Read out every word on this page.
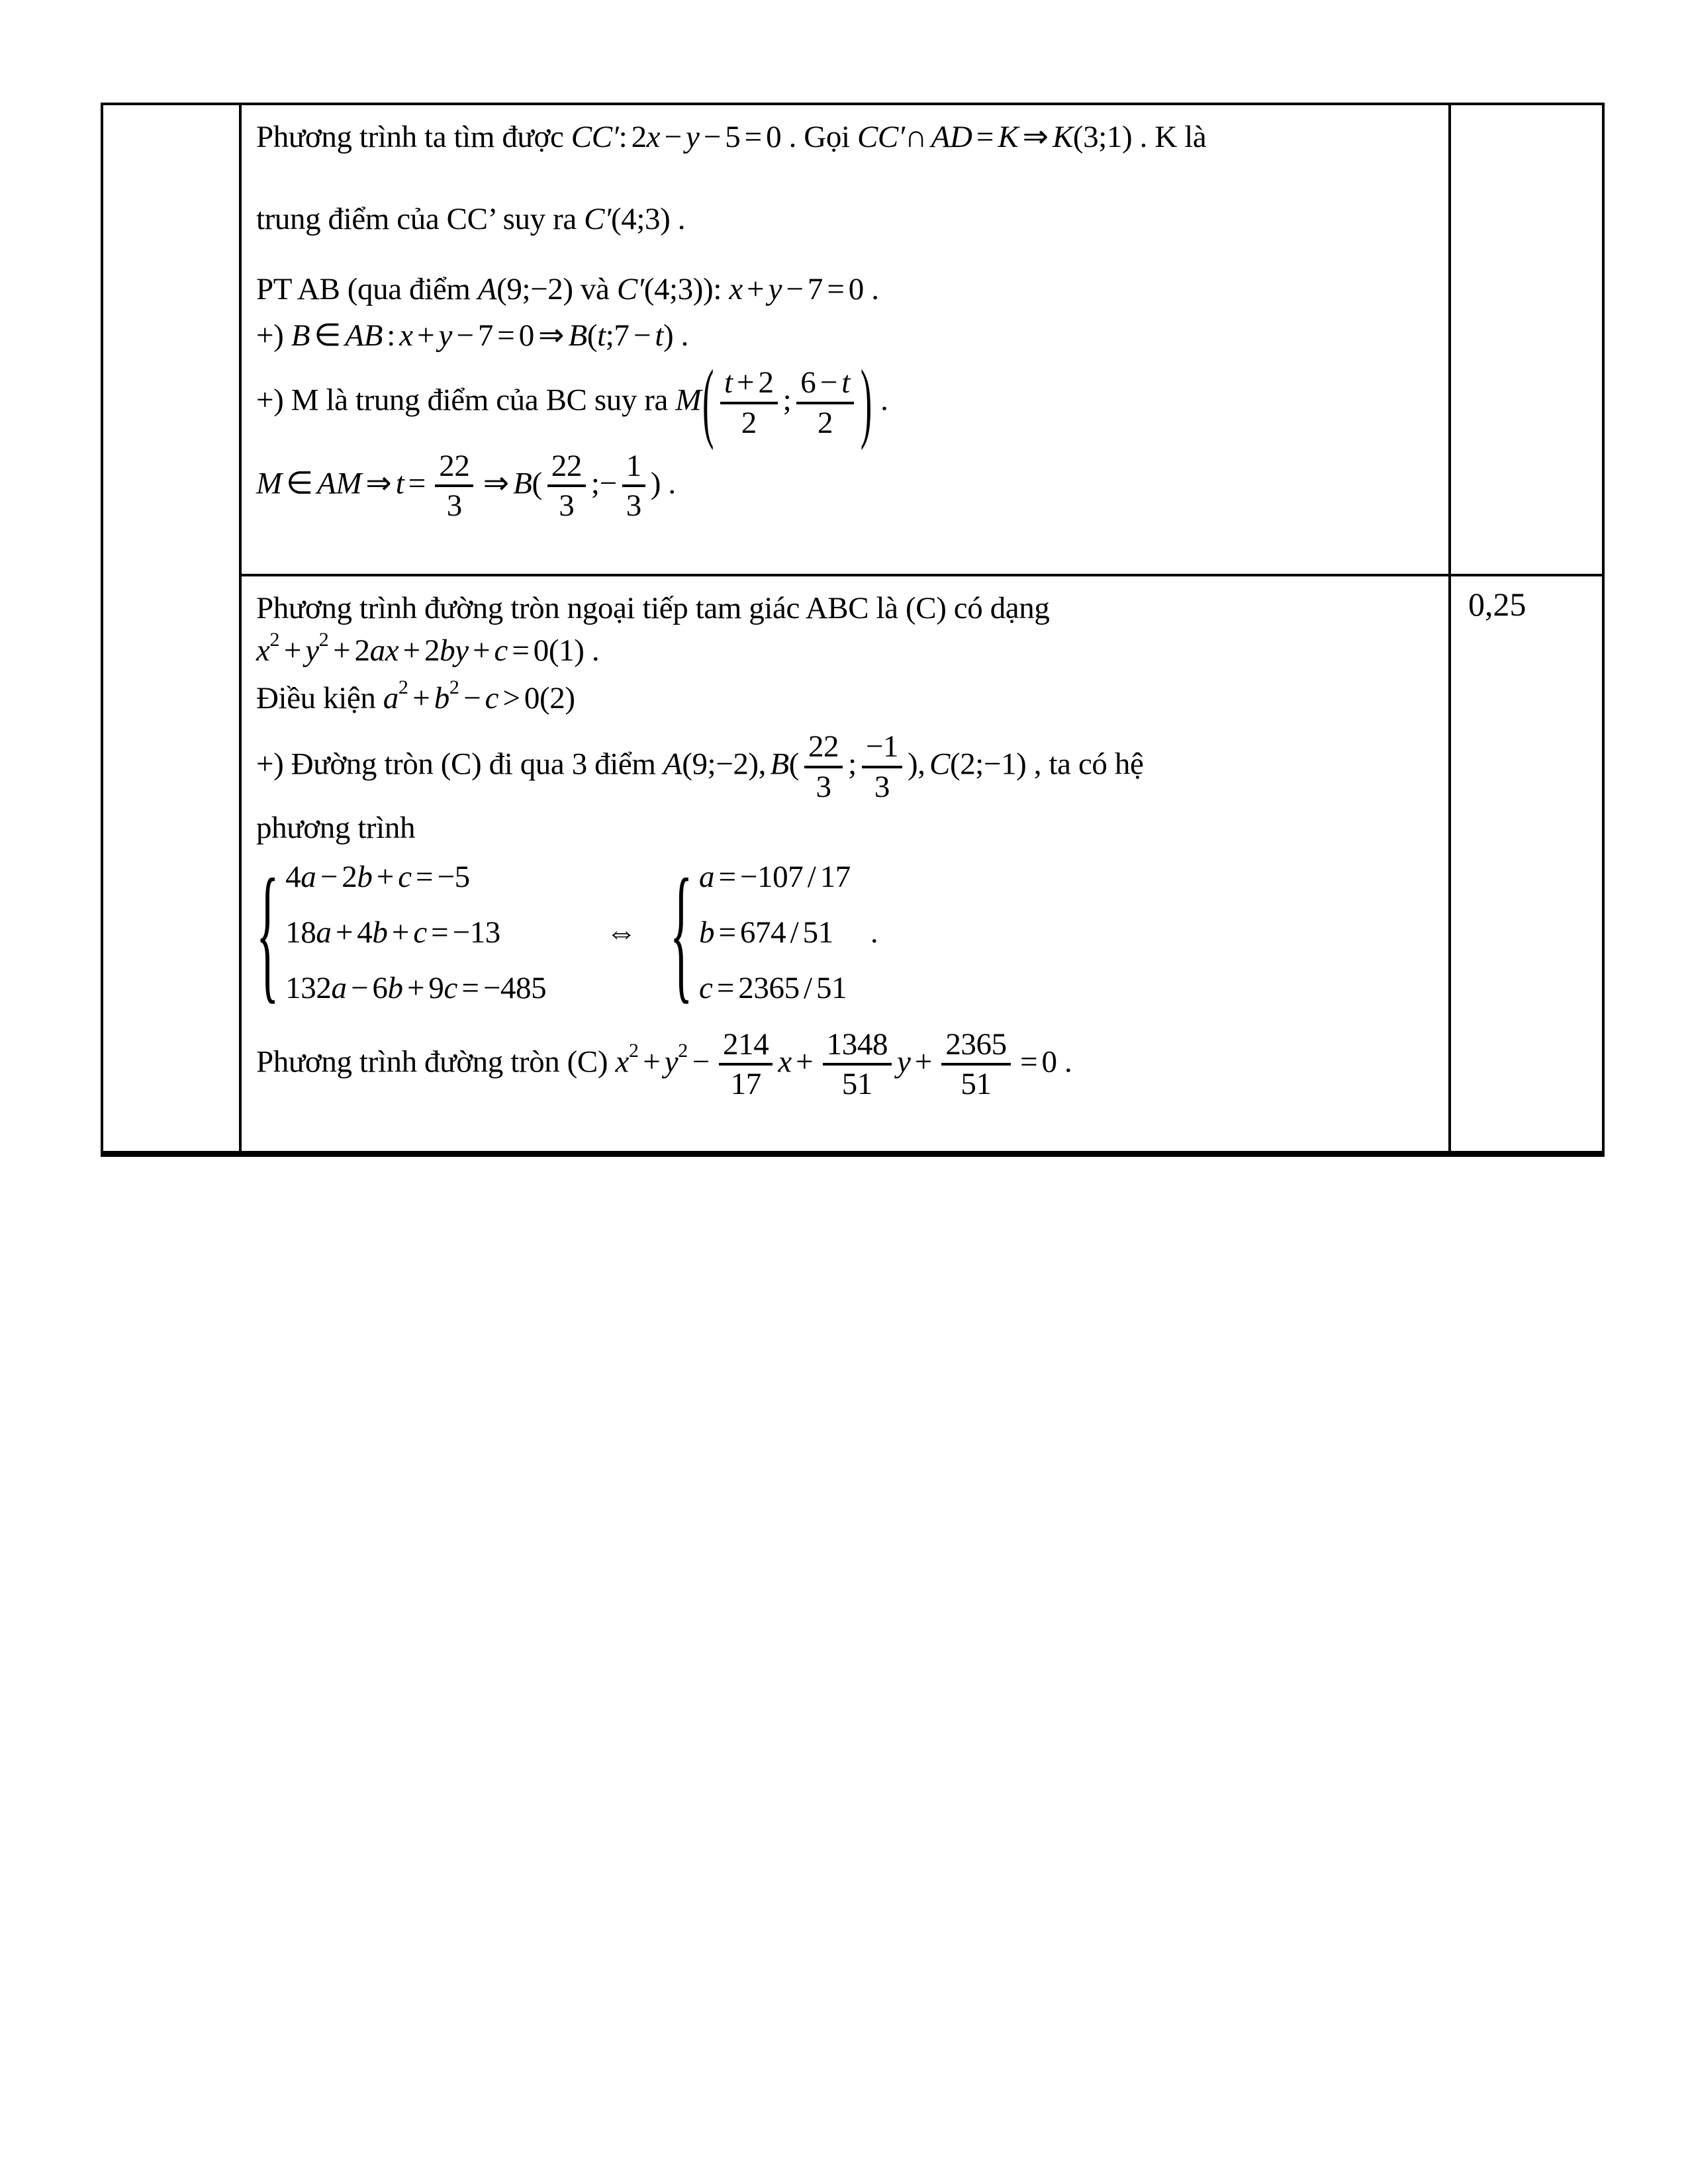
Phương trình ta tìm được CC′: 2x − y − 5 = 0 . Gọi CC′∩ AD = K ⇒ K(3;1) . K là
trung điểm của CC’ suy ra C′(4;3) .
PT AB (qua điểm A(9;−2) và C′(4;3)): x + y − 7 = 0 .
+) B ∈ AB : x + y − 7 = 0 ⇒ B(t;7 − t) .
+) M là trung điểm của BC suy ra $M( \frac{t + 2}{2}$ ; $\frac{6 - t}{2}$ ) .
M ∈ AM ⇒ $t = \frac{22}{3}$ ⇒ $B( \frac{22}{3}$ ;− $\frac{1}{3}$ ) .
Phương trình đường tròn ngoại tiếp tam giác ABC là (C) có dạng
$x^2 + y^2 + 2ax + 2by + c = 0(1)$ .
Điều kiện $a^2 + b^2 - c > 0(2)$
+) Đường tròn (C) đi qua 3 điểm A(9;−2), $B( \frac{22}{3}$ ; $\frac{-1}{3}$ ), C(2;−1) , ta có hệ
phương trình
{ 4a − 2b + c = −5
18a + 4b + c = −13
132a − 6b + 9c = −485
⇔ { a = −107 / 17
b = 674 / 51
c = 2365 / 51
.
Phương trình đường tròn (C) $x^2 + y^2 - \frac{214}{17}$ $x + \frac{1348}{51}$ $y + \frac{2365}{51} = 0$ .
0,25
